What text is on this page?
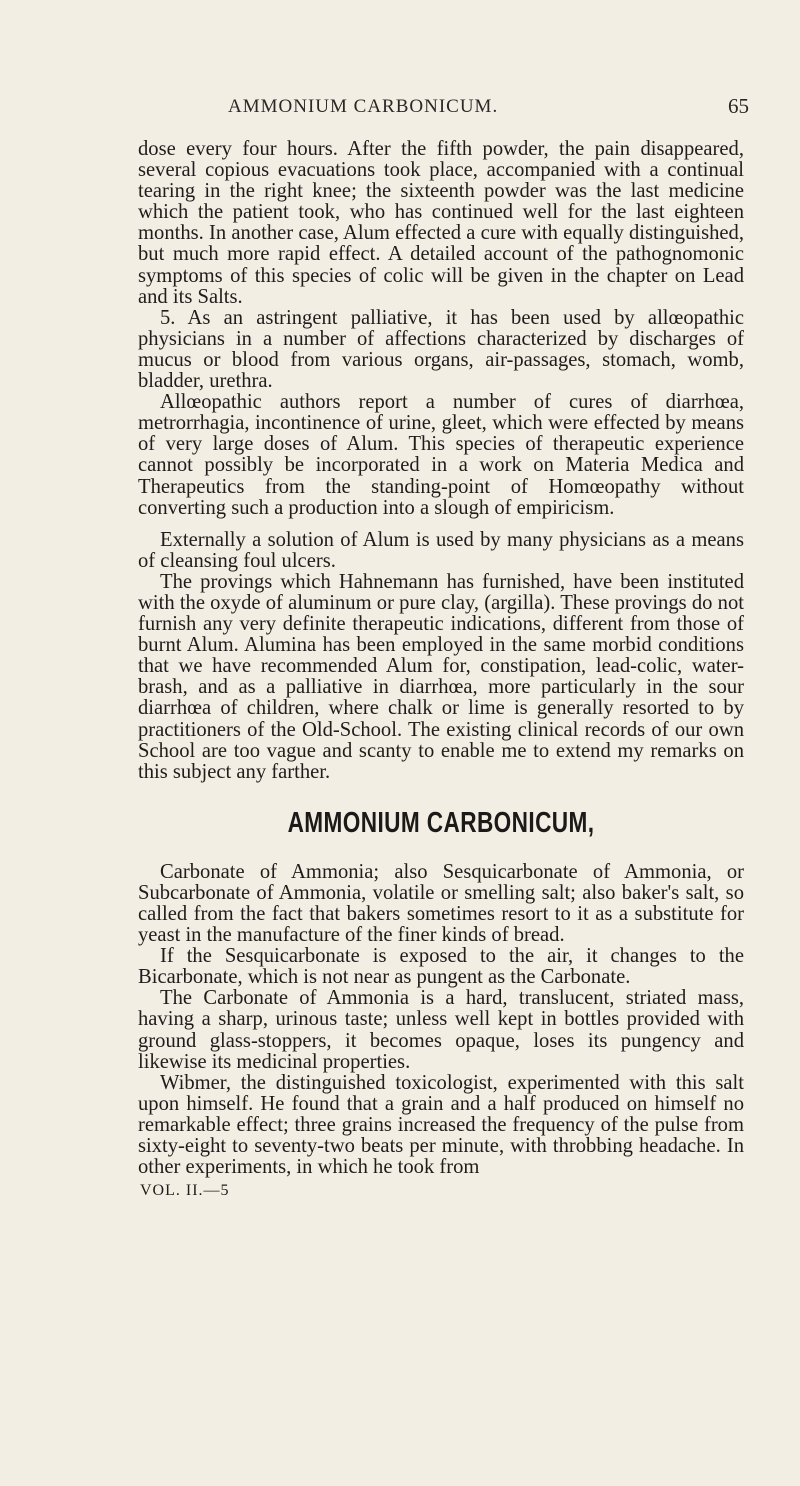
AMMONIUM CARBONICUM.	65

dose every four hours. After the fifth powder, the pain disappeared, several copious evacuations took place, accompanied with a continual tearing in the right knee; the sixteenth powder was the last medicine which the patient took, who has continued well for the last eighteen months. In another case, Alum effected a cure with equally distinguished, but much more rapid effect. A detailed account of the pathognomonic symptoms of this species of colic will be given in the chapter on Lead and its Salts.

5. As an astringent palliative, it has been used by allœopathic physicians in a number of affections characterized by discharges of mucus or blood from various organs, air-passages, stomach, womb, bladder, urethra.

Allœopathic authors report a number of cures of diarrhœa, metrorrhagia, incontinence of urine, gleet, which were effected by means of very large doses of Alum. This species of therapeutic experience cannot possibly be incorporated in a work on Materia Medica and Therapeutics from the standing-point of Homœopathy without converting such a production into a slough of empiricism.

Externally a solution of Alum is used by many physicians as a means of cleansing foul ulcers.

The provings which Hahnemann has furnished, have been instituted with the oxyde of aluminum or pure clay, (argilla). These provings do not furnish any very definite therapeutic indications, different from those of burnt Alum. Alumina has been employed in the same morbid conditions that we have recommended Alum for, constipation, lead-colic, water-brash, and as a palliative in diarrhœa, more particularly in the sour diarrhœa of children, where chalk or lime is generally resorted to by practitioners of the Old-School. The existing clinical records of our own School are too vague and scanty to enable me to extend my remarks on this subject any farther.

AMMONIUM CARBONICUM,

Carbonate of Ammonia; also Sesquicarbonate of Ammonia, or Subcarbonate of Ammonia, volatile or smelling salt; also baker's salt, so called from the fact that bakers sometimes resort to it as a substitute for yeast in the manufacture of the finer kinds of bread.

If the Sesquicarbonate is exposed to the air, it changes to the Bicarbonate, which is not near as pungent as the Carbonate.

The Carbonate of Ammonia is a hard, translucent, striated mass, having a sharp, urinous taste; unless well kept in bottles provided with ground glass-stoppers, it becomes opaque, loses its pungency and likewise its medicinal properties.

Wibmer, the distinguished toxicologist, experimented with this salt upon himself. He found that a grain and a half produced on himself no remarkable effect; three grains increased the frequency of the pulse from sixty-eight to seventy-two beats per minute, with throbbing headache. In other experiments, in which he took from

VOL. II.—5
